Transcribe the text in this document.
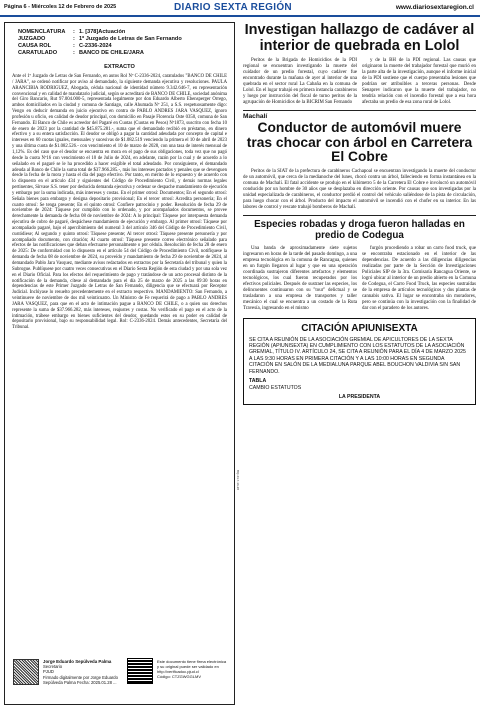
Página 6 - Miércoles 12 de Febrero de 2025	DIARIO SEXTA REGIÓN	www.diariosextaregion.cl
NOMENCLATURA	: 1. [378]Actuación
JUZGADO	: 1º Juzgado de Letras de San Fernando
CAUSA ROL	: C-2336-2024
CARATULADO	: BANCO DE CHILE/JARA
EXTRACTO

Ante el 1º Juzgado de Letras de San Fernando, en autos Rol Nº C-2336-2024, caratulados "BANCO DE CHILE / JARA", se ordenó notificar por aviso al demandado, la siguiente demanda ejecutiva y resoluciones. PAULA ARANCIBIA RODRIGUEZ, Abogada, cédula nacional de identidad número 9.342.646-7, en representación convencional y en calidad de mandatario judicial, según se acreditará de BANCO DE CHILE, sociedad anónima del Giro Bancario, Rut 97.004.000-5, representada legalmente por don Eduardo Alberto Ebensperger Orrego, ambos domiciliados en la ciudad y comuna de Santiago, calle Ahumada Nº 251, a S.S. respetuosamente digo: Vengo en deducir demanda en juicio ejecutivo en contra de PABLO ANDRES JARA VASQUEZ, ignoro profesión u oficio, en calidad de deudor principal, con domicilio en Pasaje Florencia Oste 0350, comuna de San Fernando. El Banco de Chile es acreedor del Pagaré en Cuotas (Cuotas en Pesos) Nº1873, suscrito con fecha 10 de enero de 2023 por la cantidad de $45.875.281.-, suma que el demandado recibió en préstamo, en dinero efectivo y a su entera satisfacción. El deudor se obligó a pagar la cantidad adeudada por concepto de capital e intereses en 60 cuotas iguales, mensuales y sucesivas de $1.082.519 venciendo la primera el 10 de abril de 2023 y una última cuota de $1.082.526.- con vencimiento el 10 de marzo de 2028, con una tasa de interés mensual de 1,12%. Es del caso que el deudor se encuentra en mora en el pago de sus obligaciones, toda vez que no pagó desde la cuota Nº16 con vencimiento el 10 de Julio de 2024, en adelante, razón por la cual y de acuerdo a lo señalado en el pagaré se le ha procedido a hacer exigible el total adeudado. Por consiguiente, el demandado adeuda al Banco de Chile la suma total de $37.966.285.-, más los intereses pactados y penales que se devenguen desde la fecha de la mora y hasta el día del pago efectivo. Por tanto, en mérito de lo expuesto y de acuerdo con lo dispuesto en el artículo 434 y siguientes del Código de Procedimiento Civil, y demás normas legales pertinentes, Sírvase S.S. tener por deducida demanda ejecutiva y ordenar se despache mandamiento de ejecución y embargo por la suma indicada, más intereses y costas. En el primer otrosí: Documentos; En el segundo otrosí: Señala bienes para embargo y designa depositario provisional; En el tercer otrosí: Acredita personería; En el cuarto otrosí: Se tenga presente; En el quinto otrosí: Confiere patrocinio y poder. Resolución de fecha 29 de noviembre de 2024: Táquese por cumplido con lo ordenado, y por acompañados documentos, se provee derechamente la demanda de fecha 08 de noviembre de 2024: A lo principal: Táquese por interpuesta demanda ejecutiva de cobro de pagaré, despáchese mandamiento de ejecución y embargo. Al primer otrosí: Táquese por acompañado pagaré, bajo el apercibimiento del numeral 3 del artículo 346 del Código de Procedimiento Civil, custódiese; Al segundo y quinto otrosí: Táquese presente; Al tercer otrosí: Táquese presente personería y por acompañado documento, con citación; Al cuarto otrosí: Táquese presente correo electrónico señalado para efectos de las notificaciones que deban efectuarse personalmente o por cédula. Resolución de fecha 28 de enero de 2025: De conformidad con lo dispuesto en el artículo 54 del Código de Procedimiento Civil, notifíquese la demanda de fecha 08 de noviembre de 2024, su proveído y mandamiento de fecha 29 de noviembre de 2024, al demandado Pablo Jara Vasquez, mediante avisos redactados en extractos por la Secretaría del tribunal y quien la Subrogue. Publíquese por cuatro veces consecutivas en el Diario Sexta Región de esta ciudad y por una sola vez en el Diario Oficial. Para los efectos del requerimiento de pago y tratándose de un acto procesal distinto de la notificación de la demanda, cítese al demandado para el día 25 de marzo de 2025 a las 09:30 horas en dependencias de este Primer Juzgado de Letras de San Fernando, diligencia que se efectuará por Receptor Judicial. Inclúyase lo resuelto precedentemente en el extracto respectivo. MANDAMIENTO: San Fernando, a veintinueve de noviembre de dos mil veinticuatro. Un Ministro de Fe requerirá de pago a PABLO ANDRES JARA VASQUEZ, para que en el acto de intimación pague a BANCO DE CHILE, o a quien sus derechos represente la suma de $37.966.282, más intereses, reajustes y costas. No verificado el pago en el acto de la intimación, trábese embargo en bienes suficientes del deudor, quedando estos en su poder en calidad de depositario provisional, bajo su responsabilidad legal. Rol: C-2336-2024. Demás antecedentes, Secretaría del Tribunal.

Jorge Eduardo Sepúlveda Palma
Secretario
PJUD
Firmado digitalmente por Jorge Eduardo Sepúlveda Palma Fecha: 2025.01.28 ...
Este documento tiene firma electrónica y su original puede ser validado en http://verificadoc.pjud.cl
Código: CTZGWGGLMV
BQ-44-7-16-28
Investigan hallazgo de cadáver al interior de quebrada en Lolol

Peritos de la Brigada de Homicidios de la PDI regional se encuentran investigando la muerte del cuidador de un predio forestal, cuyo cadáver fue encontrado durante la mañana de ayer al interior de una quebrada en el sector rural La Cabaña en la comuna de Lolol. En el lugar trabajó en primera instancia carabineros y luego por instrucción del fiscal de turno peritos de la agrupación de Homicidios de la BICRIM San Fernando

y de la BH de la PDI regional. Las causas que originaron la muerte del trabajador forestal que murió en la parte alta de la investigación, aunque el informe inicial de la PDI sostiene que el cuerpo presentaba lesiones que podrían ser atribuibles a terceras personas. Desde Senaprev indicaron que la muerte del trabajador, no tendría relación con el incendio forestal que a esa hora afectaba un predio de esa zona rural de Lolol.

Machalí
Conductor de automóvil muere tras chocar con árbol en Carretera El Cobre

Peritos de la SIAT de la prefectura de carabineros Cachapoal se encuentran investigando la muerte del conductor de un automóvil, que cerca de la medianoche del lunes, chocó contra un árbol, falleciendo en forma instantánea en la comuna de Machalí. El fatal accidente se produjo en el kilómetro 5 de la Carretera El Cobre e involucró un automóvil conducido por un hombre de 30 años que se desplazaba en dirección oriente. Por causas que son investigadas por la unidad especializada de carabineros, el conductor perdió el control del vehículo saliéndose de la pista de circulación, para luego chocar con el árbol. Producto del impacto el automóvil se incendió con el chofer en su interior. En las labores de control y rescate trabajó bomberos de Machalí.

Especies robadas y droga fueron halladas en predio de Codegua

Una banda de aproximadamente siete sujetos ingresaron en horas de la tarde del pasado domingo, a una empresa tecnológica en la comuna de Rancagua, quienes en un furgón llegaron al lugar y que en una operación coordinada sustrajeron diferentes artefactos y elementos tecnológicos, los cual fueron recuperados por los efectivos policiales. Después de sustraer las especies, los delincuentes continuaron con su "tour" delictual y se trasladaron a una empresa de transportes y taller mecánico el cual se encuentra a un costado de la Ruta Travesía, ingresando en el mismo

furgón procediendo a robar un carro food truck, que se encontraba estacionado en el interior de las dependencias. De acuerdo a las diligencias diligencias realizadas por parte de la Sección de Investigaciones Policiales SIP de la 3ra. Comisaría Rancagua Oriente, se logró ubicar al interior de un predio abierto en la Comuna de Codegua, el Carro Food Truck, las especies sustraídas de la empresa de artículos tecnológicos y dos plantas de cannabis sativa. El lugar se encontraba sin moradores, pero se continúa con la investigación con la finalidad de dar con el paradero de los autores.

CITACIÓN APIUNISEXTA
SE CITA A REUNIÓN DE LA ASOCIACIÓN GREMIAL DE APICULTORES DE LA SEXTA REGIÓN (APIUNISEXTA) EN CUMPLIMIENTO CON LOS ESTATUTOS DE LA ASOCIACIÓN GREMIAL, TÍTULO IV. ARTÍCULO 24, SE CITA A REUNIÓN PARA EL DÍA 4 DE MARZO 2025 A LAS 9:30 HORAS EN PRIMERA CITACIÓN Y A LAS 10:00 HORAS EN SEGUNDA CITACIÓN EN SALÓN DE LA MEDIALUNA PARQUE ABEL BOUCHON VALDIVIA S/N SAN FERNANDO.
TABLA
CAMBIO ESTATUTOS
LA PRESIDENTA
